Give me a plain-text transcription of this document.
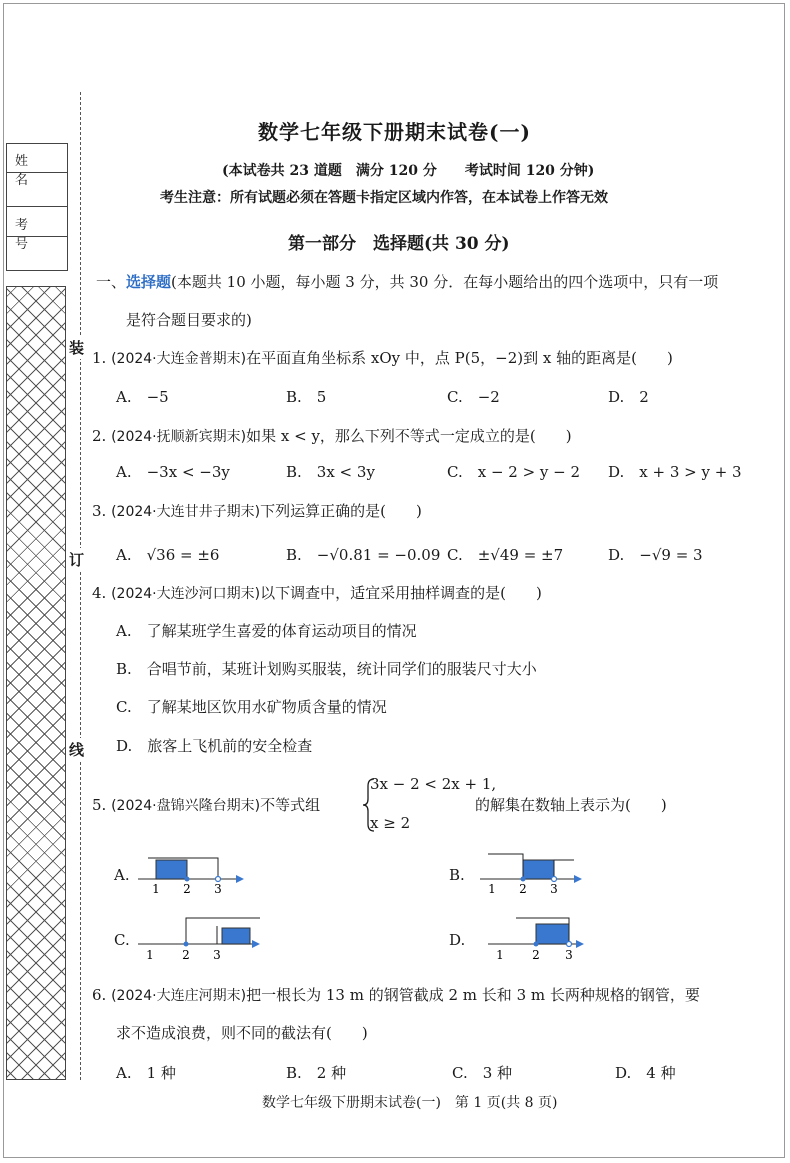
姓 名
考 号
装
订
线
数学七年级下册期末试卷(一)
(本试卷共 23 道题　满分 120 分　　考试时间 120 分钟)
考生注意：所有试题必须在答题卡指定区域内作答，在本试卷上作答无效
第一部分　选择题(共 30 分)
一、选择题(本题共 10 小题，每小题 3 分，共 30 分．在每小题给出的四个选项中，只有一项
是符合题目要求的)
1. (2024·大连金普期末)在平面直角坐标系 xOy 中，点 P(5，−2)到 x 轴的距离是(　　)
A.　−5	B.　5	C.　−2	D.　2
2. (2024·抚顺新宾期末)如果 x < y，那么下列不等式一定成立的是(　　)
A.　−3x < −3y	B.　3x < 3y	C.　x − 2 > y − 2 D.　x + 3 > y + 3
3. (2024·大连甘井子期末)下列运算正确的是(　　)
A.　√36 = ±6	B.　−√0.81 = −0.09 C.　±√49 = ±7	D.　−√9 = 3
4. (2024·大连沙河口期末)以下调查中，适宜采用抽样调查的是(　　)
A.　了解某班学生喜爱的体育运动项目的情况
B.　合唱节前，某班计划购买服装，统计同学们的服装尺寸大小
C.　了解某地区饮用水矿物质含量的情况
D.　旅客上飞机前的安全检查
5. (2024·盘锦兴隆台期末)不等式组
3x − 2 < 2x + 1,
x ≥ 2
的解集在数轴上表示为(　　)
A.	B.
C.	D.
1 2 3	1 2 3
1 2 3	1 2 3
6. (2024·大连庄河期末)把一根长为 13 m 的钢管截成 2 m 长和 3 m 长两种规格的钢管，要
求不造成浪费，则不同的截法有(　　)
A.　1 种	B.　2 种	C.　3 种	D.　4 种
数学七年级下册期末试卷(一)　第 1 页(共 8 页)
